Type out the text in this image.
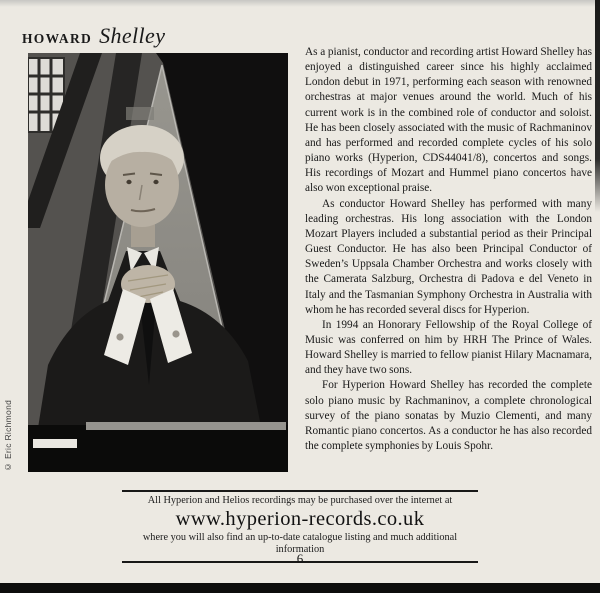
HOWARD Shelley
© Eric Richmond

As a pianist, conductor and recording artist Howard Shelley has enjoyed a distinguished career since his highly acclaimed London debut in 1971, performing each season with renowned orchestras at major venues around the world. Much of his current work is in the combined role of conductor and soloist. He has been closely associated with the music of Rachmaninov and has performed and recorded complete cycles of his solo piano works (Hyperion, CDS44041/8), concertos and songs. His recordings of Mozart and Hummel piano concertos have also won exceptional praise.

As conductor Howard Shelley has performed with many leading orchestras. His long association with the London Mozart Players included a substantial period as their Principal Guest Conductor. He has also been Principal Conductor of Sweden’s Uppsala Chamber Orchestra and works closely with the Camerata Salzburg, Orchestra di Padova e del Veneto in Italy and the Tasmanian Symphony Orchestra in Australia with whom he has recorded several discs for Hyperion.

In 1994 an Honorary Fellowship of the Royal College of Music was conferred on him by HRH The Prince of Wales. Howard Shelley is married to fellow pianist Hilary Macnamara, and they have two sons.

For Hyperion Howard Shelley has recorded the complete solo piano music by Rachmaninov, a complete chronological survey of the piano sonatas by Muzio Clementi, and many Romantic piano concertos. As a conductor he has also recorded the complete symphonies by Louis Spohr.

All Hyperion and Helios recordings may be purchased over the internet at
www.hyperion-records.co.uk
where you will also find an up-to-date catalogue listing and much additional information
6
